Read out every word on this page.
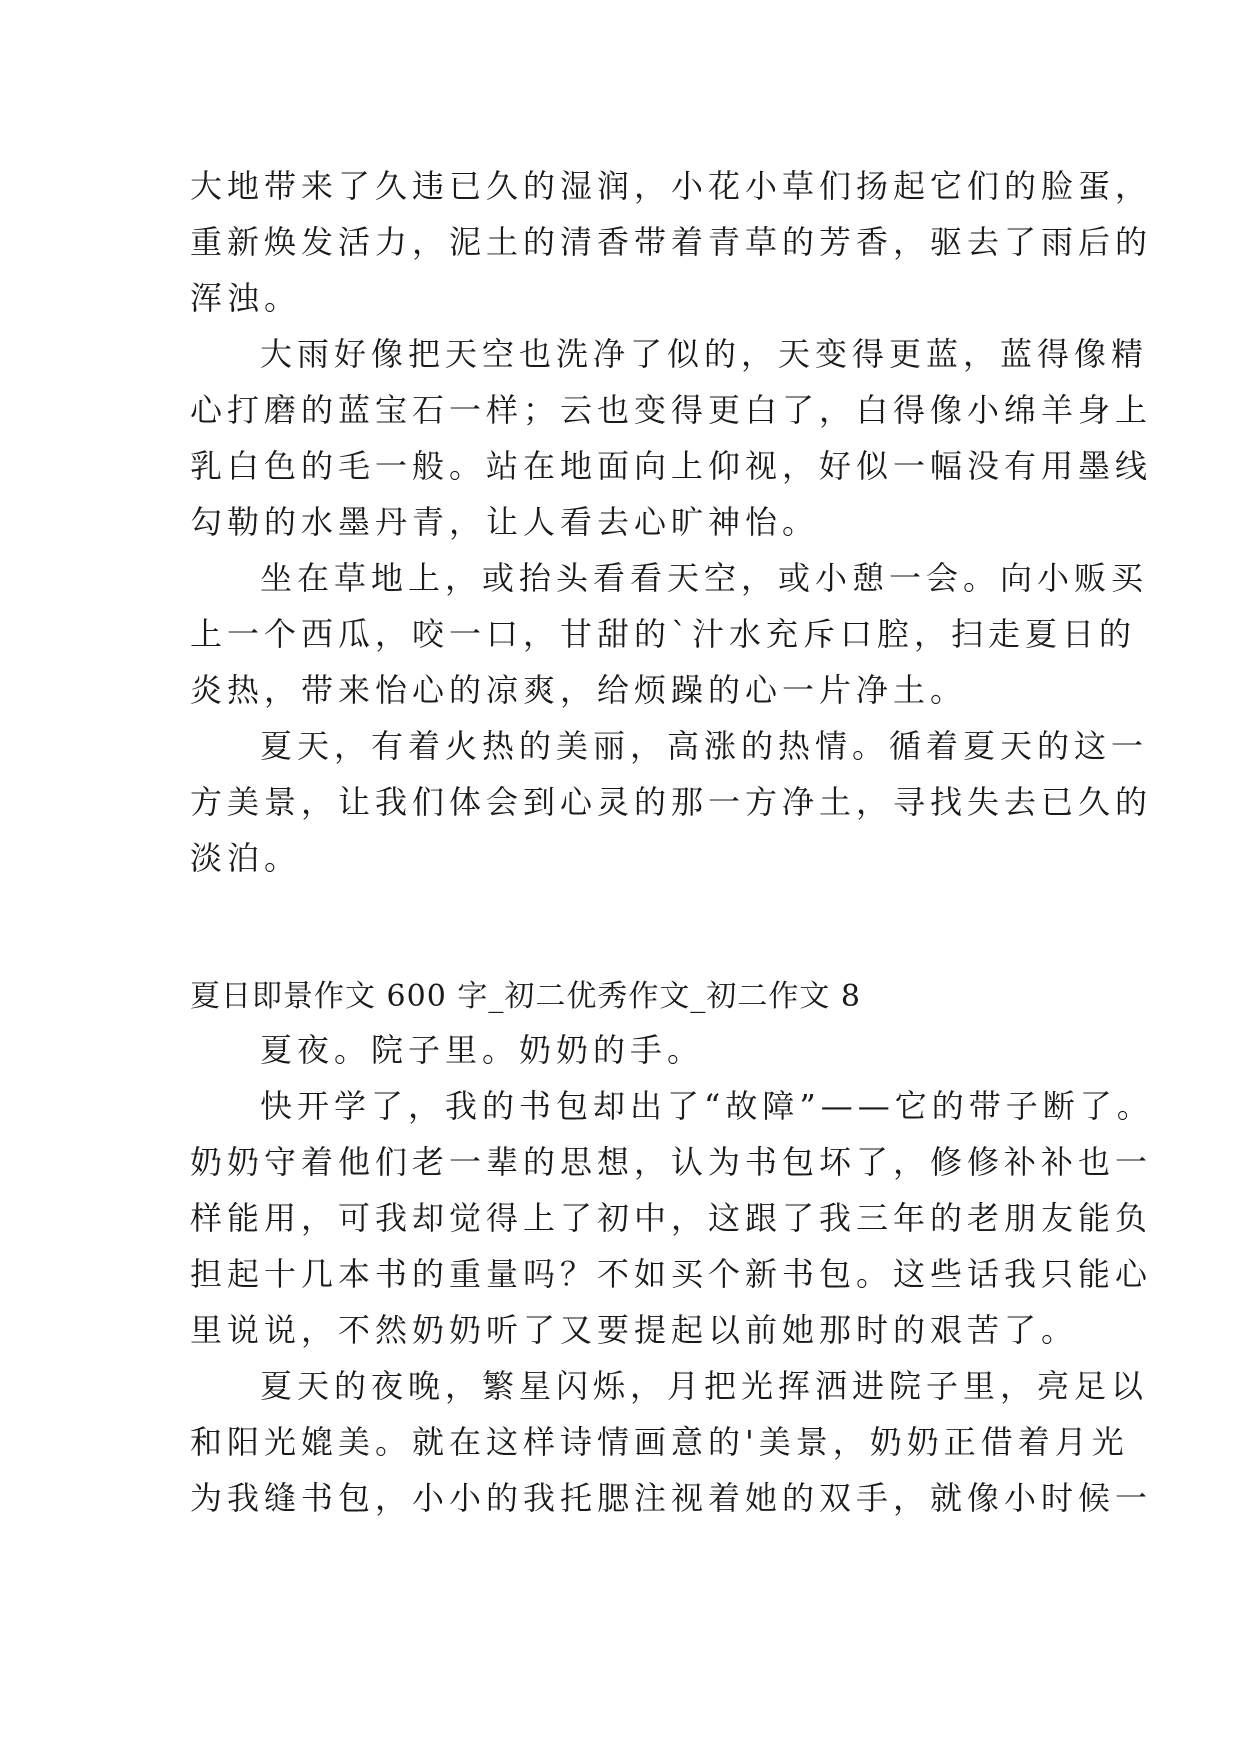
大地带来了久违已久的湿润，小花小草们扬起它们的脸蛋，
重新焕发活力，泥土的清香带着青草的芳香，驱去了雨后的
浑浊。
大雨好像把天空也洗净了似的，天变得更蓝，蓝得像精
心打磨的蓝宝石一样；云也变得更白了，白得像小绵羊身上
乳白色的毛一般。站在地面向上仰视，好似一幅没有用墨线
勾勒的水墨丹青，让人看去心旷神怡。
坐在草地上，或抬头看看天空，或小憩一会。向小贩买
上一个西瓜，咬一口，甘甜的`汁水充斥口腔，扫走夏日的
炎热，带来怡心的凉爽，给烦躁的心一片净土。
夏天，有着火热的美丽，高涨的热情。循着夏天的这一
方美景，让我们体会到心灵的那一方净土，寻找失去已久的
淡泊。
夏日即景作文 600 字_初二优秀作文_初二作文 8
夏夜。院子里。奶奶的手。
快开学了，我的书包却出了“故障”——它的带子断了。
奶奶守着他们老一辈的思想，认为书包坏了，修修补补也一
样能用，可我却觉得上了初中，这跟了我三年的老朋友能负
担起十几本书的重量吗？不如买个新书包。这些话我只能心
里说说，不然奶奶听了又要提起以前她那时的艰苦了。
夏天的夜晚，繁星闪烁，月把光挥洒进院子里，亮足以
和阳光媲美。就在这样诗情画意的'美景，奶奶正借着月光
为我缝书包，小小的我托腮注视着她的双手，就像小时候一
